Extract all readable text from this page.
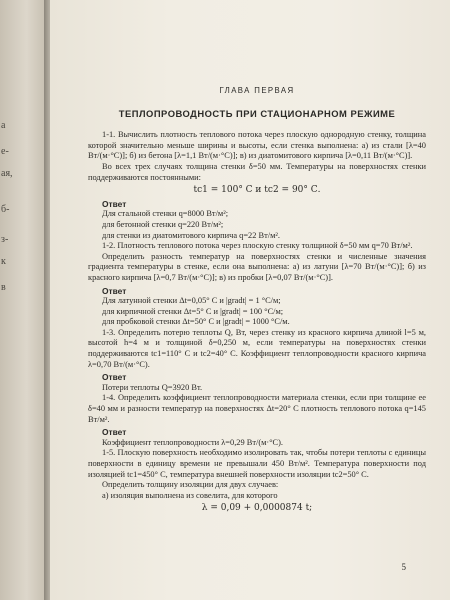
а
е-
ая,
б-
з-
к
в

ГЛАВА ПЕРВАЯ

ТЕПЛОПРОВОДНОСТЬ ПРИ СТАЦИОНАРНОМ РЕЖИМЕ

1-1. Вычислить плотность теплового потока через плоскую однородную стенку, толщина которой значительно меньше ширины и высоты, если стенка выполнена: а) из стали [λ=40 Вт/(м·°С)]; б) из бетона [λ=1,1 Вт/(м·°С)]; в) из диатомитового кирпича [λ=0,11 Вт/(м·°С)].

Во всех трех случаях толщина стенки δ=50 мм. Температуры на поверхностях стенки поддерживаются постоянными:

tс1 = 100° С и tс2 = 90° С.

Ответ

Для стальной стенки q=8000 Вт/м²;

для бетонной стенки q=220 Вт/м²;

для стенки из диатомитового кирпича q=22 Вт/м².

1-2. Плотность теплового потока через плоскую стенку толщиной δ=50 мм q=70 Вт/м².

Определить разность температур на поверхностях стенки и численные значения градиента температуры в стенке, если она выполнена: а) из латуни [λ=70 Вт/(м·°С)]; б) из красного кирпича [λ=0,7 Вт/(м·°С)]; в) из пробки [λ=0,07 Вт/(м·°С)].

Ответ

Для латунной стенки Δt=0,05° С и |gradt| = 1 °С/м;

для кирпичной стенки Δt=5° С и |gradt| = 100 °С/м;

для пробковой стенки Δt=50° С и |gradt| = 1000 °С/м.

1-3. Определить потерю теплоты Q, Вт, через стенку из красного кирпича длиной l=5 м, высотой h=4 м и толщиной δ=0,250 м, если температуры на поверхностях стенки поддерживаются tс1=110° С и tс2=40° С. Коэффициент теплопроводности красного кирпича λ=0,70 Вт/(м·°С).

Ответ

Потери теплоты Q=3920 Вт.

1-4. Определить коэффициент теплопроводности материала стенки, если при толщине ее δ=40 мм и разности температур на поверхностях Δt=20° С плотность теплового потока q=145 Вт/м².

Ответ

Коэффициент теплопроводности λ=0,29 Вт/(м·°С).

1-5. Плоскую поверхность необходимо изолировать так, чтобы потери теплоты с единицы поверхности в единицу времени не превышали 450 Вт/м². Температура поверхности под изоляцией tс1=450° С, температура внешней поверхности изоляции tс2=50° С.

Определить толщину изоляции для двух случаев:

а) изоляция выполнена из совелита, для которого

λ = 0,09 + 0,0000874 t;

5
